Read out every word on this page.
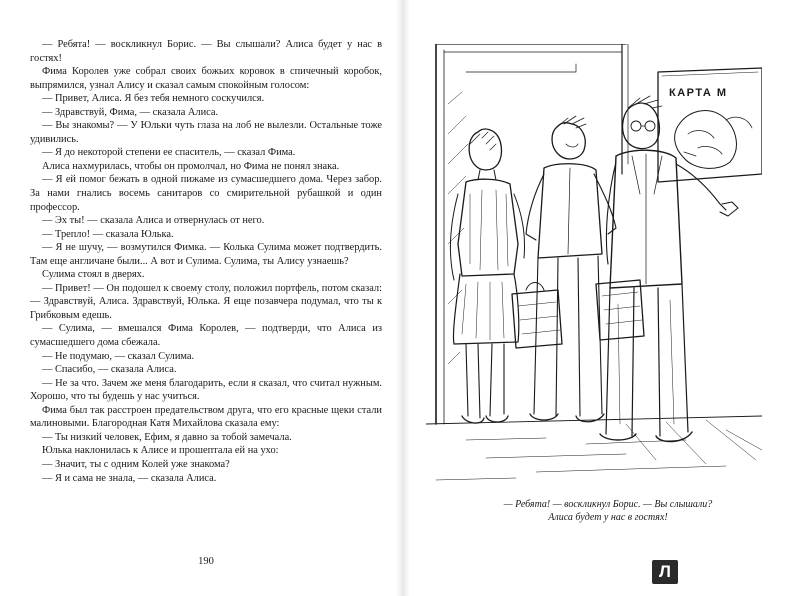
— Ребята! — воскликнул Борис. — Вы слышали? Алиса будет у нас в гостях!

Фима Королев уже собрал своих божьих коровок в спичечный коробок, выпрямился, узнал Алису и сказал самым спокойным голосом:

— Привет, Алиса. Я без тебя немного соскучился.

— Здравствуй, Фима, — сказала Алиса.

— Вы знакомы? — У Юльки чуть глаза на лоб не вылезли. Остальные тоже удивились.

— Я до некоторой степени ее спаситель, — сказал Фима.

Алиса нахмурилась, чтобы он промолчал, но Фима не понял знака.

— Я ей помог бежать в одной пижаме из сумасшедшего дома. Через забор. За нами гнались восемь санитаров со смирительной рубашкой и один профессор.

— Эх ты! — сказала Алиса и отвернулась от него.

— Трепло! — сказала Юлька.

— Я не шучу, — возмутился Фимка. — Колька Сулима может подтвердить. Там еще англичане были... А вот и Сулима. Сулима, ты Алису узнаешь?

Сулима стоял в дверях.

— Привет! — Он подошел к своему столу, положил портфель, потом сказал: — Здравствуй, Алиса. Здравствуй, Юлька. Я еще позавчера подумал, что ты к Грибковым едешь.

— Сулима, — вмешался Фима Королев, — подтверди, что Алиса из сумасшедшего дома сбежала.

— Не подумаю, — сказал Сулима.

— Спасибо, — сказала Алиса.

— Не за что. Зачем же меня благодарить, если я сказал, что считал нужным. Хорошо, что ты будешь у нас учиться.

Фима был так расстроен предательством друга, что его красные щеки стали малиновыми. Благородная Катя Михайлова сказала ему:

— Ты низкий человек, Ефим, я давно за тобой замечала.

Юлька наклонилась к Алисе и прошептала ей на ухо:

— Значит, ты с одним Колей уже знакома?

— Я и сама не знала, — сказала Алиса.

190
КАРТА М
— Ребята! — воскликнул Борис. — Вы слышали?
Алиса будет у нас в гостях!
Л
